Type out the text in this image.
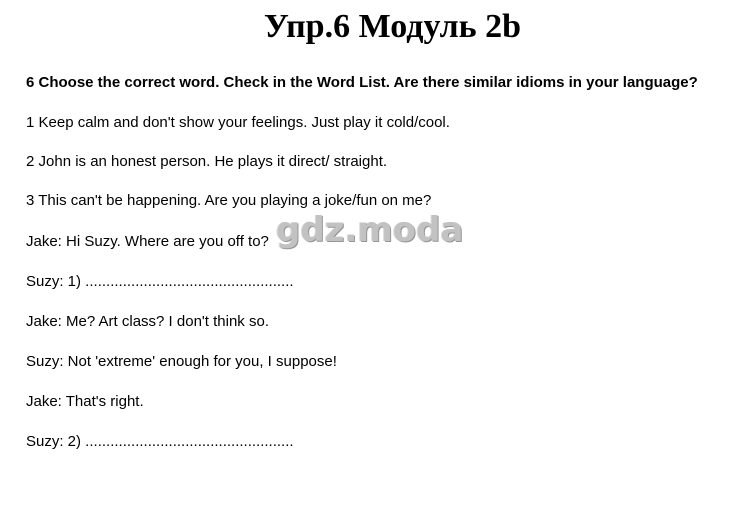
Упр.6 Модуль 2b
6 Choose the correct word. Check in the Word List. Are there similar idioms in your language?
1 Keep calm and don't show your feelings. Just play it cold/cool.
2 John is an honest person. He plays it direct/ straight.
3 This can't be happening. Are you playing a joke/fun on me?
Jake: Hi Suzy. Where are you off to?
Suzy: 1) ..................................................
Jake: Me? Art class? I don't think so.
Suzy: Not 'extreme' enough for you, I suppose!
Jake: That's right.
Suzy: 2) ..................................................
gdz.moda
